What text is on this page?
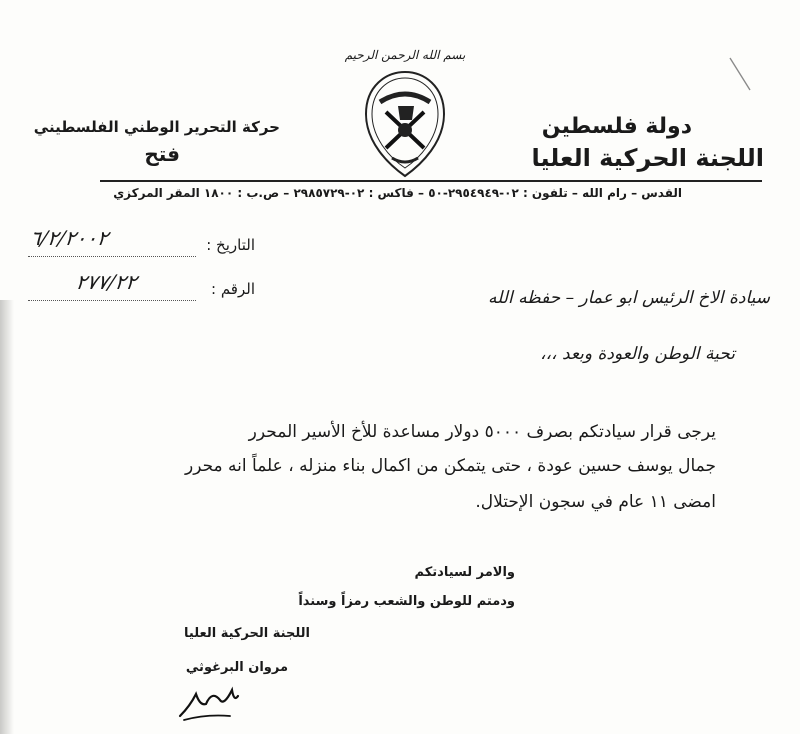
بسم الله الرحمن الرحيم
دولة فلسطين
اللجنة الحركية العليا
حركة التحرير الوطني الفلسطيني
فتح
القدس – رام الله – تلفون : ٠٢-٢٩٥٤٩٤٩-٥٠ – فاكس : ٠٢-٢٩٨٥٧٢٩ – ص.ب : ١٨٠٠ المقر المركزي
التاريخ :
٦/٢/٢٠٠٢
الرقم :
٢٧٧/٢٢
سيادة الاخ الرئيس ابو عمار – حفظه الله
تحية الوطن والعودة وبعد ،،،
يرجى قرار سيادتكم بصرف ٥٠٠٠ دولار مساعدة للأخ الأسير المحرر
جمال يوسف حسين عودة ، حتى يتمكن من اكمال بناء منزله ، علماً انه محرر
امضى ١١ عام في سجون الإحتلال.
والامر لسيادتكم
ودمتم للوطن والشعب رمزاً وسنداً
اللجنة الحركية العليا
مروان البرغوثي
